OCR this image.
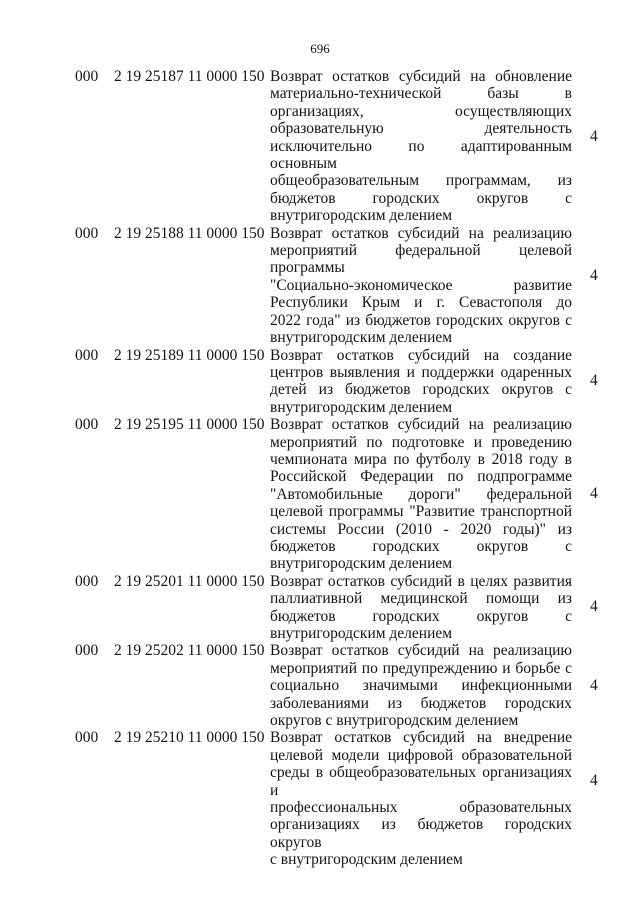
696
000 2 19 25187 11 0000 150 Возврат остатков субсидий на обновление
материально-технической базы в
организациях, осуществляющих
образовательную деятельность
исключительно по адаптированным основным
общеобразовательным программам, из
бюджетов городских округов с
внутригородским делением
4
000 2 19 25188 11 0000 150 Возврат остатков субсидий на реализацию
мероприятий федеральной целевой программы
"Социально-экономическое развитие
Республики Крым и г. Севастополя до
2022 года" из бюджетов городских округов с
внутригородским делением
4
000 2 19 25189 11 0000 150 Возврат остатков субсидий на создание
центров выявления и поддержки одаренных
детей из бюджетов городских округов с
внутригородским делением
4
000 2 19 25195 11 0000 150 Возврат остатков субсидий на реализацию
мероприятий по подготовке и проведению
чемпионата мира по футболу в 2018 году в
Российской Федерации по подпрограмме
"Автомобильные дороги" федеральной
целевой программы "Развитие транспортной
системы России (2010 - 2020 годы)" из
бюджетов городских округов с
внутригородским делением
4
000 2 19 25201 11 0000 150 Возврат остатков субсидий в целях развития
паллиативной медицинской помощи из
бюджетов городских округов с
внутригородским делением
4
000 2 19 25202 11 0000 150 Возврат остатков субсидий на реализацию
мероприятий по предупреждению и борьбе с
социально значимыми инфекционными
заболеваниями из бюджетов городских
округов с внутригородским делением
4
000 2 19 25210 11 0000 150 Возврат остатков субсидий на внедрение
целевой модели цифровой образовательной
среды в общеобразовательных организациях и
профессиональных образовательных
организациях из бюджетов городских округов
с внутригородским делением
4
